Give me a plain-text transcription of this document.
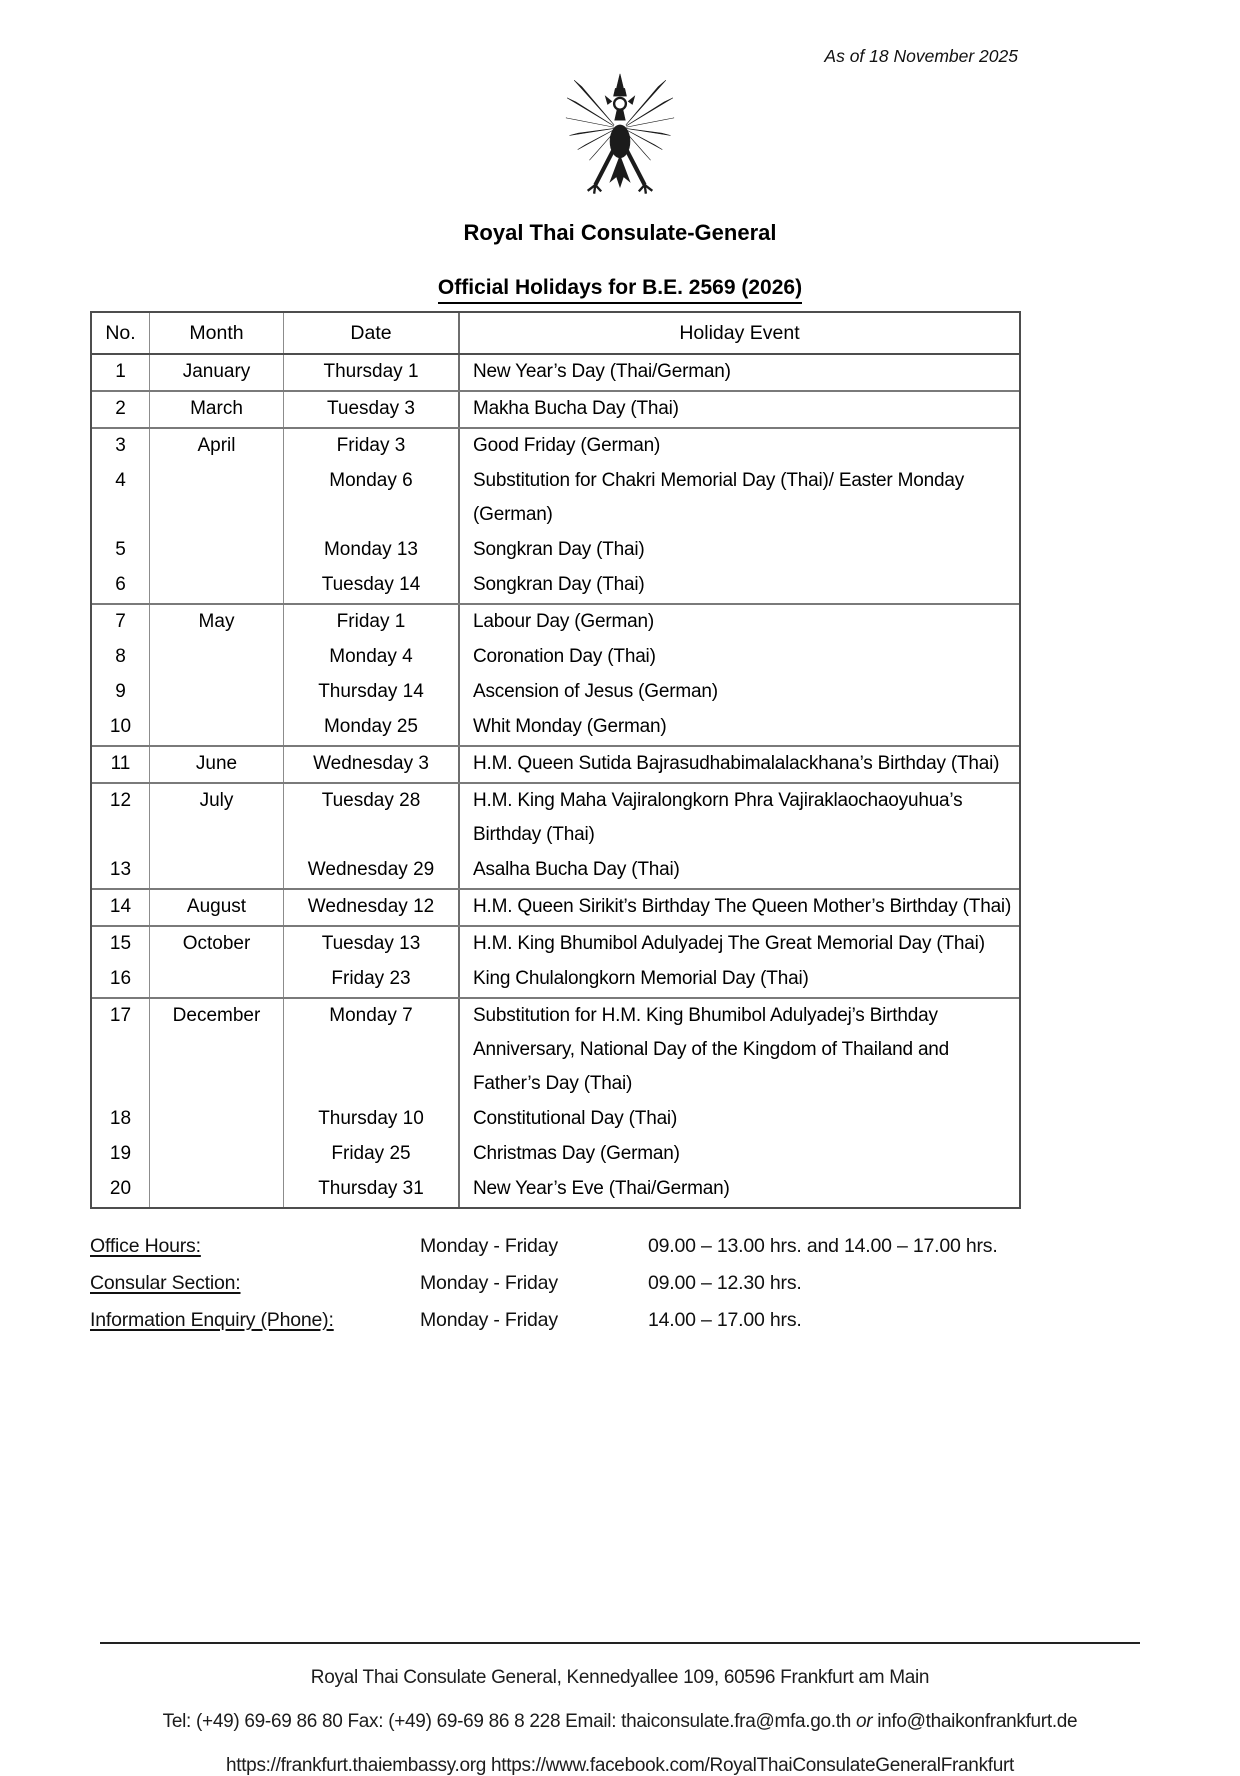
As of 18 November 2025
Royal Thai Consulate-General
Official Holidays for B.E. 2569 (2026)
No.	Month	Date	Holiday Event
1	January	Thursday 1	New Year’s Day (Thai/German)
2	March	Tuesday 3	Makha Bucha Day (Thai)
3	April	Friday 3	Good Friday (German)
4	Monday 6	Substitution for Chakri Memorial Day (Thai)/ Easter Monday (German)
5	Monday 13	Songkran Day (Thai)
6	Tuesday 14	Songkran Day (Thai)
7	May	Friday 1	Labour Day (German)
8	Monday 4	Coronation Day (Thai)
9	Thursday 14	Ascension of Jesus (German)
10	Monday 25	Whit Monday (German)
11	June	Wednesday 3	H.M. Queen Sutida Bajrasudhabimalalackhana’s Birthday (Thai)
12	July	Tuesday 28	H.M. King Maha Vajiralongkorn Phra Vajiraklaochaoyuhua’s Birthday (Thai)
13	Wednesday 29	Asalha Bucha Day (Thai)
14	August	Wednesday 12	H.M. Queen Sirikit’s Birthday The Queen Mother’s Birthday (Thai)
15	October	Tuesday 13	H.M. King Bhumibol Adulyadej The Great Memorial Day (Thai)
16	Friday 23	King Chulalongkorn Memorial Day (Thai)
17	December	Monday 7	Substitution for H.M. King Bhumibol Adulyadej’s Birthday Anniversary, National Day of the Kingdom of Thailand and Father’s Day (Thai)
18	Thursday 10	Constitutional Day (Thai)
19	Friday 25	Christmas Day (German)
20	Thursday 31	New Year’s Eve (Thai/German)
Office Hours:	Monday - Friday	09.00 – 13.00 hrs. and 14.00 – 17.00 hrs.
Consular Section:	Monday - Friday	09.00 – 12.30 hrs.
Information Enquiry (Phone):	Monday - Friday	14.00 – 17.00 hrs.
Royal Thai Consulate General, Kennedyallee 109, 60596 Frankfurt am Main
Tel: (+49) 69-69 86 80 Fax: (+49) 69-69 86 8 228 Email: thaiconsulate.fra@mfa.go.th or info@thaikonfrankfurt.de
https://frankfurt.thaiembassy.org https://www.facebook.com/RoyalThaiConsulateGeneralFrankfurt
